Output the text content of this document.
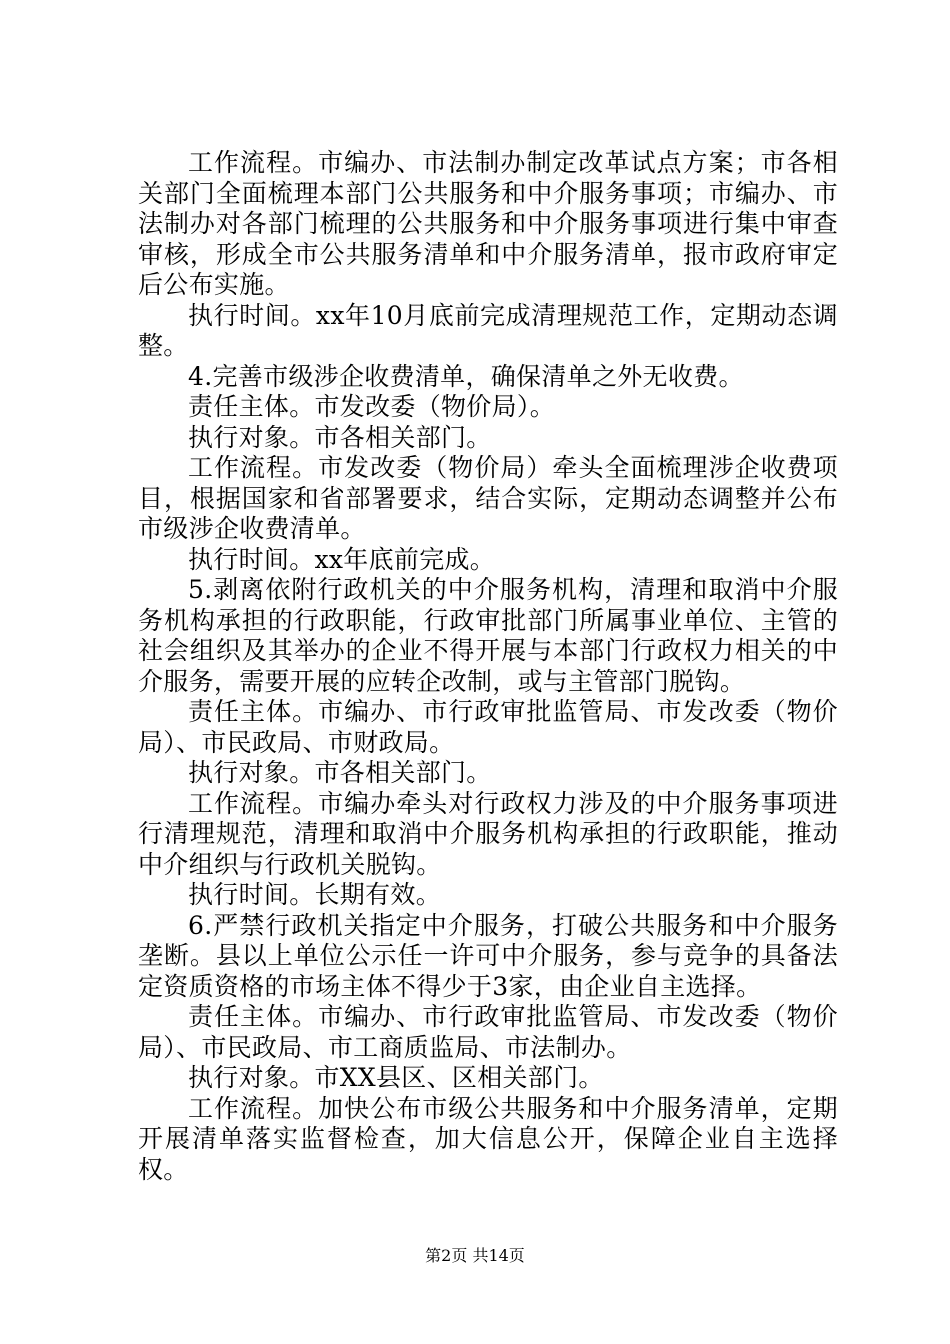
工作流程。市编办、市法制办制定改革试点方案；市各相关部门全面梳理本部门公共服务和中介服务事项；市编办、市法制办对各部门梳理的公共服务和中介服务事项进行集中审查审核，形成全市公共服务清单和中介服务清单，报市政府审定后公布实施。

执行时间。xx年10月底前完成清理规范工作，定期动态调整。

4.完善市级涉企收费清单，确保清单之外无收费。

责任主体。市发改委（物价局）。

执行对象。市各相关部门。

工作流程。市发改委（物价局）牵头全面梳理涉企收费项目，根据国家和省部署要求，结合实际，定期动态调整并公布市级涉企收费清单。

执行时间。xx年底前完成。

5.剥离依附行政机关的中介服务机构，清理和取消中介服务机构承担的行政职能，行政审批部门所属事业单位、主管的社会组织及其举办的企业不得开展与本部门行政权力相关的中介服务，需要开展的应转企改制，或与主管部门脱钩。

责任主体。市编办、市行政审批监管局、市发改委（物价局）、市民政局、市财政局。

执行对象。市各相关部门。

工作流程。市编办牵头对行政权力涉及的中介服务事项进行清理规范，清理和取消中介服务机构承担的行政职能，推动中介组织与行政机关脱钩。

执行时间。长期有效。

6.严禁行政机关指定中介服务，打破公共服务和中介服务垄断。县以上单位公示任一许可中介服务，参与竞争的具备法定资质资格的市场主体不得少于3家，由企业自主选择。

责任主体。市编办、市行政审批监管局、市发改委（物价局）、市民政局、市工商质监局、市法制办。

执行对象。市XX县区、区相关部门。

工作流程。加快公布市级公共服务和中介服务清单，定期开展清单落实监督检查，加大信息公开，保障企业自主选择权。

第2页 共14页
